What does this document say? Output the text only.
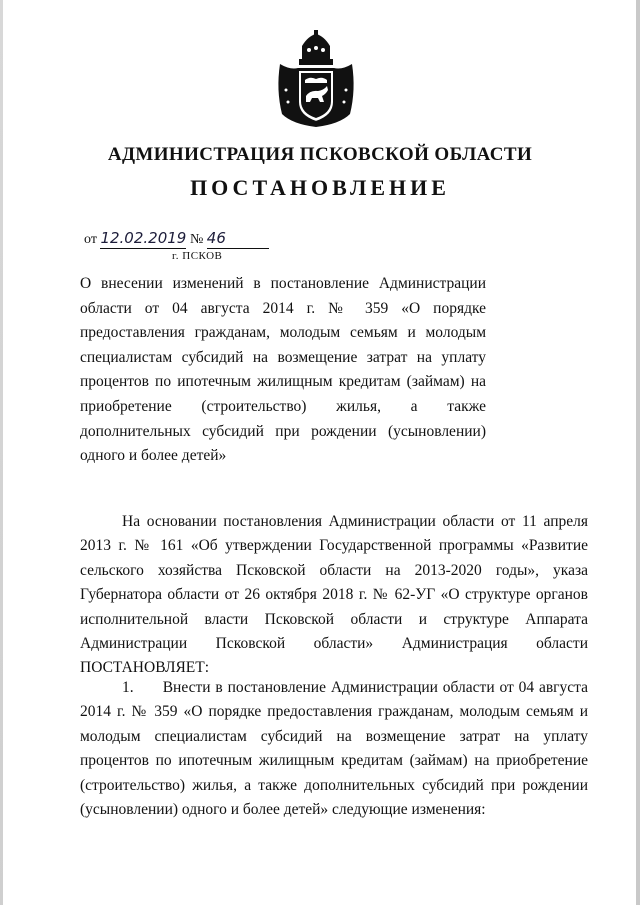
АДМИНИСТРАЦИЯ ПСКОВСКОЙ ОБЛАСТИ
ПОСТАНОВЛЕНИЕ
от 12.02.2019 № 46
г. ПСКОВ
О внесении изменений в постановление Администрации области от 04 августа 2014 г. № 359 «О порядке предоставления гражданам, молодым семьям и молодым специалистам субсидий на возмещение затрат на уплату процентов по ипотечным жилищным кредитам (займам) на приобретение (строительство) жилья, а также дополнительных субсидий при рождении (усыновлении) одного и более детей»
На основании постановления Администрации области от 11 апреля 2013 г. № 161 «Об утверждении Государственной программы «Развитие сельского хозяйства Псковской области на 2013-2020 годы», указа Губернатора области от 26 октября 2018 г. № 62-УГ «О структуре органов исполнительной власти Псковской области и структуре Аппарата Администрации Псковской области» Администрация области ПОСТАНОВЛЯЕТ:
1. Внести в постановление Администрации области от 04 августа 2014 г. № 359 «О порядке предоставления гражданам, молодым семьям и молодым специалистам субсидий на возмещение затрат на уплату процентов по ипотечным жилищным кредитам (займам) на приобретение (строительство) жилья, а также дополнительных субсидий при рождении (усыновлении) одного и более детей» следующие изменения:
